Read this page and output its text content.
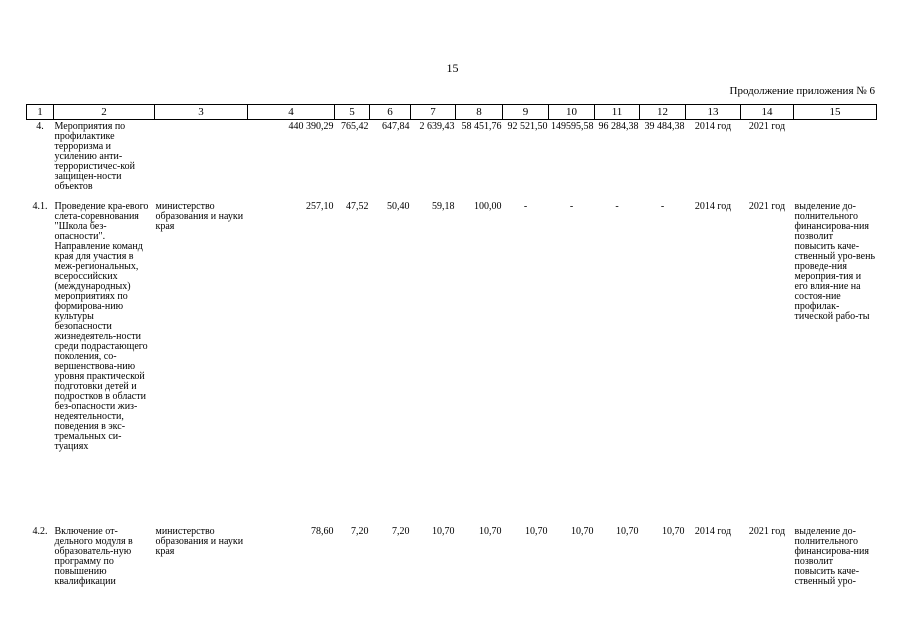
15
Продолжение приложения № 6
1	2	3	4	5	6	7	8	9	10	11	12	13	14	15
4.	Мероприятия по профилактике терроризма и усилению анти-террористичес-кой защищен-ности объектов		440 390,29	765,42	647,84	2 639,43	58 451,76	92 521,50	149595,58	96 284,38	39 484,38	2014 год	2021 год	
4.1.	Проведение кра-евого слета-соревнования "Школа без-опасности". Направление команд края для участия в меж-региональных, всероссийских (международных) мероприятиях по формирова-нию культуры безопасности жизнедеятель-ности среди подрастающего поколения, со-вершенствова-нию уровня практической подготовки детей и подростков в области без-опасности жиз-недеятельности, поведения в экс-тремальных си-туациях	министерство образования и науки края	257,10	47,52	50,40	59,18	100,00	-	-	-	-	2014 год	2021 год	выделение до-полнительного финансирова-ния позволит повысить каче-ственный уро-вень проведе-ния мероприя-тия и его влия-ние на состоя-ние профилак-тической рабо-ты
4.2.	Включение от-дельного модуля в образователь-ную программу по повышению квалификации	министерство образования и науки края	78,60	7,20	7,20	10,70	10,70	10,70	10,70	10,70	10,70	2014 год	2021 год	выделение до-полнительного финансирова-ния позволит повысить каче-ственный уро-
